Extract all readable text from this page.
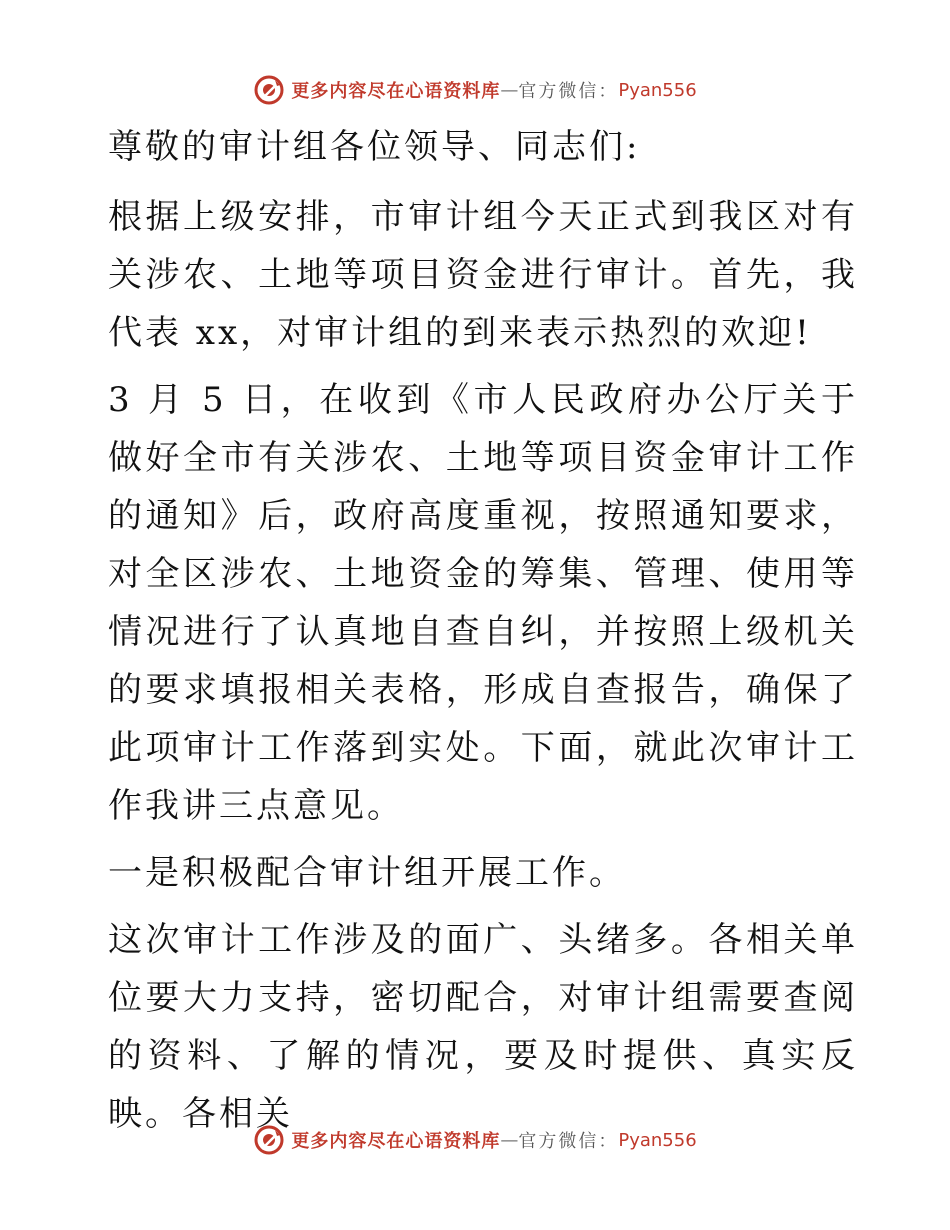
更多内容尽在心语资料库 — 官方微信： Pyan556

尊敬的审计组各位领导、同志们:

根据上级安排，市审计组今天正式到我区对有关涉农、土地等项目资金进行审计。首先，我代表 xx，对审计组的到来表示热烈的欢迎!

3 月 5 日，在收到《市人民政府办公厅关于做好全市有关涉农、土地等项目资金审计工作的通知》后，政府高度重视，按照通知要求，对全区涉农、土地资金的筹集、管理、使用等情况进行了认真地自查自纠，并按照上级机关的要求填报相关表格，形成自查报告，确保了此项审计工作落到实处。下面，就此次审计工作我讲三点意见。

一是积极配合审计组开展工作。

这次审计工作涉及的面广、头绪多。各相关单位要大力支持，密切配合，对审计组需要查阅的资料、了解的情况，要及时提供、真实反映。各相关

更多内容尽在心语资料库 — 官方微信： Pyan556
